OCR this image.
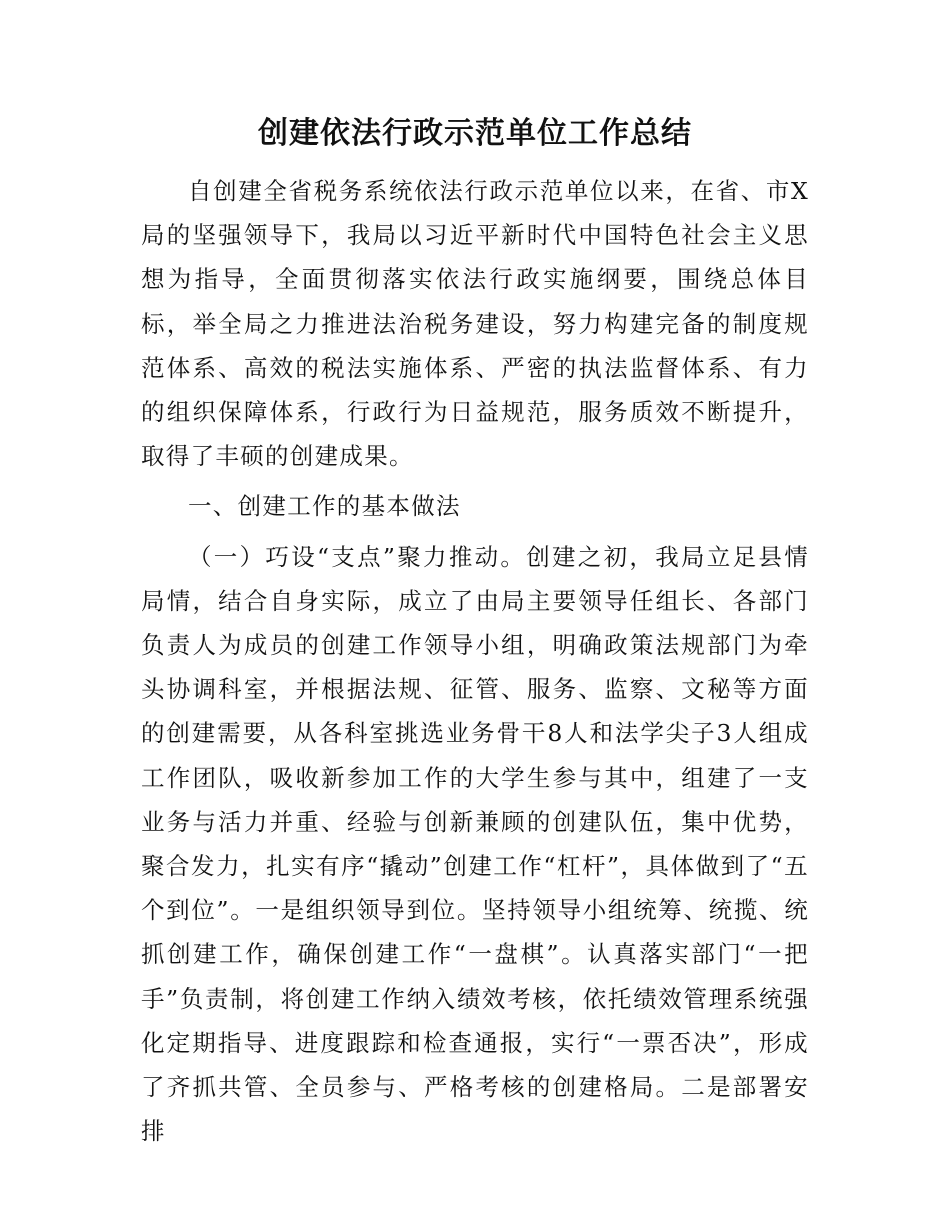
创建依法行政示范单位工作总结

自创建全省税务系统依法行政示范单位以来，在省、市X局的坚强领导下，我局以习近平新时代中国特色社会主义思想为指导，全面贯彻落实依法行政实施纲要，围绕总体目标，举全局之力推进法治税务建设，努力构建完备的制度规范体系、高效的税法实施体系、严密的执法监督体系、有力的组织保障体系，行政行为日益规范，服务质效不断提升，取得了丰硕的创建成果。

一、创建工作的基本做法

（一）巧设“支点”聚力推动。创建之初，我局立足县情局情，结合自身实际，成立了由局主要领导任组长、各部门负责人为成员的创建工作领导小组，明确政策法规部门为牵头协调科室，并根据法规、征管、服务、监察、文秘等方面的创建需要，从各科室挑选业务骨干8人和法学尖子3人组成工作团队，吸收新参加工作的大学生参与其中，组建了一支业务与活力并重、经验与创新兼顾的创建队伍，集中优势，聚合发力，扎实有序“撬动”创建工作“杠杆”，具体做到了“五个到位”。一是组织领导到位。坚持领导小组统筹、统揽、统抓创建工作，确保创建工作“一盘棋”。认真落实部门“一把手”负责制，将创建工作纳入绩效考核，依托绩效管理系统强化定期指导、进度跟踪和检查通报，实行“一票否决”，形成了齐抓共管、全员参与、严格考核的创建格局。二是部署安排
